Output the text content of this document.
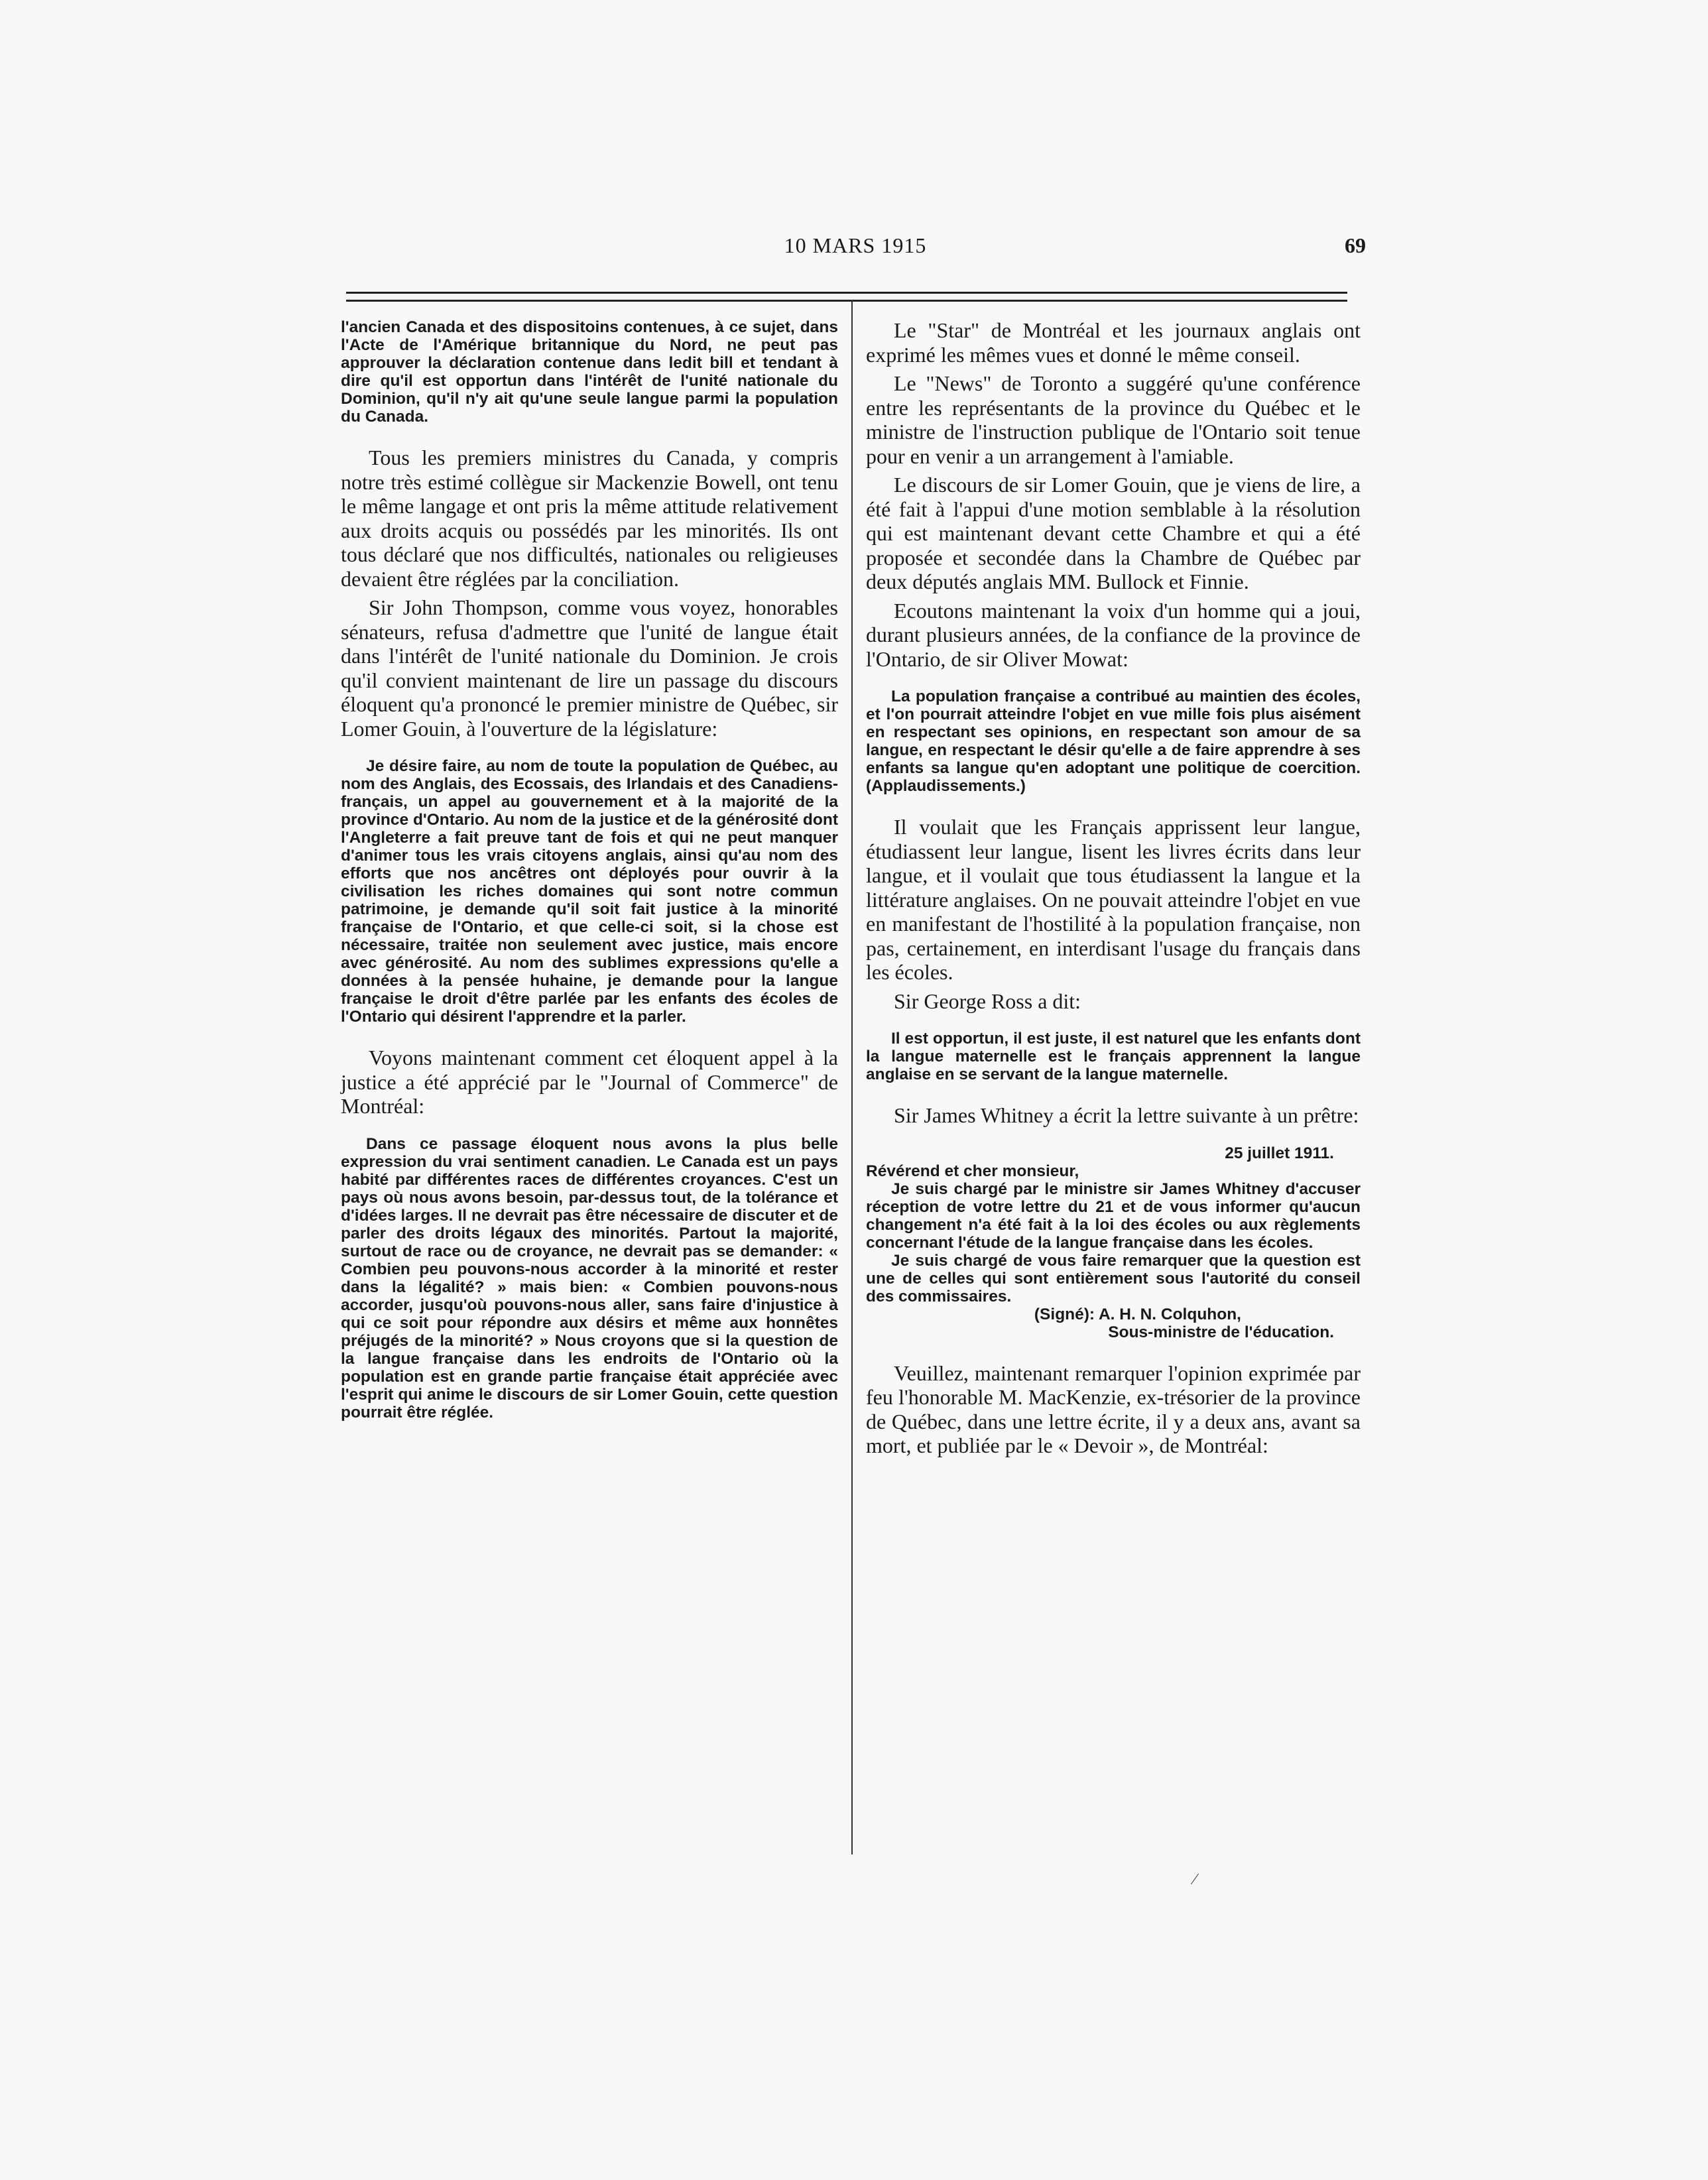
10 MARS 1915	69

l'ancien Canada et des dispositoins contenues, à ce sujet, dans l'Acte de l'Amérique britannique du Nord, ne peut pas approuver la déclaration contenue dans ledit bill et tendant à dire qu'il est opportun dans l'intérêt de l'unité nationale du Dominion, qu'il n'y ait qu'une seule langue parmi la population du Canada.

Tous les premiers ministres du Canada, y compris notre très estimé collègue sir Mackenzie Bowell, ont tenu le même langage et ont pris la même attitude relativement aux droits acquis ou possédés par les minorités. Ils ont tous déclaré que nos difficultés, nationales ou religieuses devaient être réglées par la conciliation.

Sir John Thompson, comme vous voyez, honorables sénateurs, refusa d'admettre que l'unité de langue était dans l'intérêt de l'unité nationale du Dominion. Je crois qu'il convient maintenant de lire un passage du discours éloquent qu'a prononcé le premier ministre de Québec, sir Lomer Gouin, à l'ouverture de la législature:

Je désire faire, au nom de toute la population de Québec, au nom des Anglais, des Ecossais, des Irlandais et des Canadiens-français, un appel au gouvernement et à la majorité de la province d'Ontario. Au nom de la justice et de la générosité dont l'Angleterre a fait preuve tant de fois et qui ne peut manquer d'animer tous les vrais citoyens anglais, ainsi qu'au nom des efforts que nos ancêtres ont déployés pour ouvrir à la civilisation les riches domaines qui sont notre commun patrimoine, je demande qu'il soit fait justice à la minorité française de l'Ontario, et que celle-ci soit, si la chose est nécessaire, traitée non seulement avec justice, mais encore avec générosité. Au nom des sublimes expressions qu'elle a données à la pensée huhaine, je demande pour la langue française le droit d'être parlée par les enfants des écoles de l'Ontario qui désirent l'apprendre et la parler.

Voyons maintenant comment cet éloquent appel à la justice a été apprécié par le "Journal of Commerce" de Montréal:

Dans ce passage éloquent nous avons la plus belle expression du vrai sentiment canadien. Le Canada est un pays habité par différentes races de différentes croyances. C'est un pays où nous avons besoin, par-dessus tout, de la tolérance et d'idées larges. Il ne devrait pas être nécessaire de discuter et de parler des droits légaux des minorités. Partout la majorité, surtout de race ou de croyance, ne devrait pas se demander: « Combien peu pouvons-nous accorder à la minorité et rester dans la légalité? » mais bien: « Combien pouvons-nous accorder, jusqu'où pouvons-nous aller, sans faire d'injustice à qui ce soit pour répondre aux désirs et même aux honnêtes préjugés de la minorité? » Nous croyons que si la question de la langue française dans les endroits de l'Ontario où la population est en grande partie française était appréciée avec l'esprit qui anime le discours de sir Lomer Gouin, cette question pourrait être réglée.

Le "Star" de Montréal et les journaux anglais ont exprimé les mêmes vues et donné le même conseil.

Le "News" de Toronto a suggéré qu'une conférence entre les représentants de la province du Québec et le ministre de l'instruction publique de l'Ontario soit tenue pour en venir a un arrangement à l'amiable.

Le discours de sir Lomer Gouin, que je viens de lire, a été fait à l'appui d'une motion semblable à la résolution qui est maintenant devant cette Chambre et qui a été proposée et secondée dans la Chambre de Québec par deux députés anglais MM. Bullock et Finnie.

Ecoutons maintenant la voix d'un homme qui a joui, durant plusieurs années, de la confiance de la province de l'Ontario, de sir Oliver Mowat:

La population française a contribué au maintien des écoles, et l'on pourrait atteindre l'objet en vue mille fois plus aisément en respectant ses opinions, en respectant son amour de sa langue, en respectant le désir qu'elle a de faire apprendre à ses enfants sa langue qu'en adoptant une politique de coercition. (Applaudissements.)

Il voulait que les Français apprissent leur langue, étudiassent leur langue, lisent les livres écrits dans leur langue, et il voulait que tous étudiassent la langue et la littérature anglaises. On ne pouvait atteindre l'objet en vue en manifestant de l'hostilité à la population française, non pas, certainement, en interdisant l'usage du français dans les écoles.

Sir George Ross a dit:

Il est opportun, il est juste, il est naturel que les enfants dont la langue maternelle est le français apprennent la langue anglaise en se servant de la langue maternelle.

Sir James Whitney a écrit la lettre suivante à un prêtre:

25 juillet 1911.

Révérend et cher monsieur,

Je suis chargé par le ministre sir James Whitney d'accuser réception de votre lettre du 21 et de vous informer qu'aucun changement n'a été fait à la loi des écoles ou aux règlements concernant l'étude de la langue française dans les écoles.

Je suis chargé de vous faire remarquer que la question est une de celles qui sont entièrement sous l'autorité du conseil des commissaires.

(Signé): A. H. N. Colquhon,

Sous-ministre de l'éducation.

Veuillez, maintenant remarquer l'opinion exprimée par feu l'honorable M. MacKenzie, ex-trésorier de la province de Québec, dans une lettre écrite, il y a deux ans, avant sa mort, et publiée par le « Devoir », de Montréal:

⁄
